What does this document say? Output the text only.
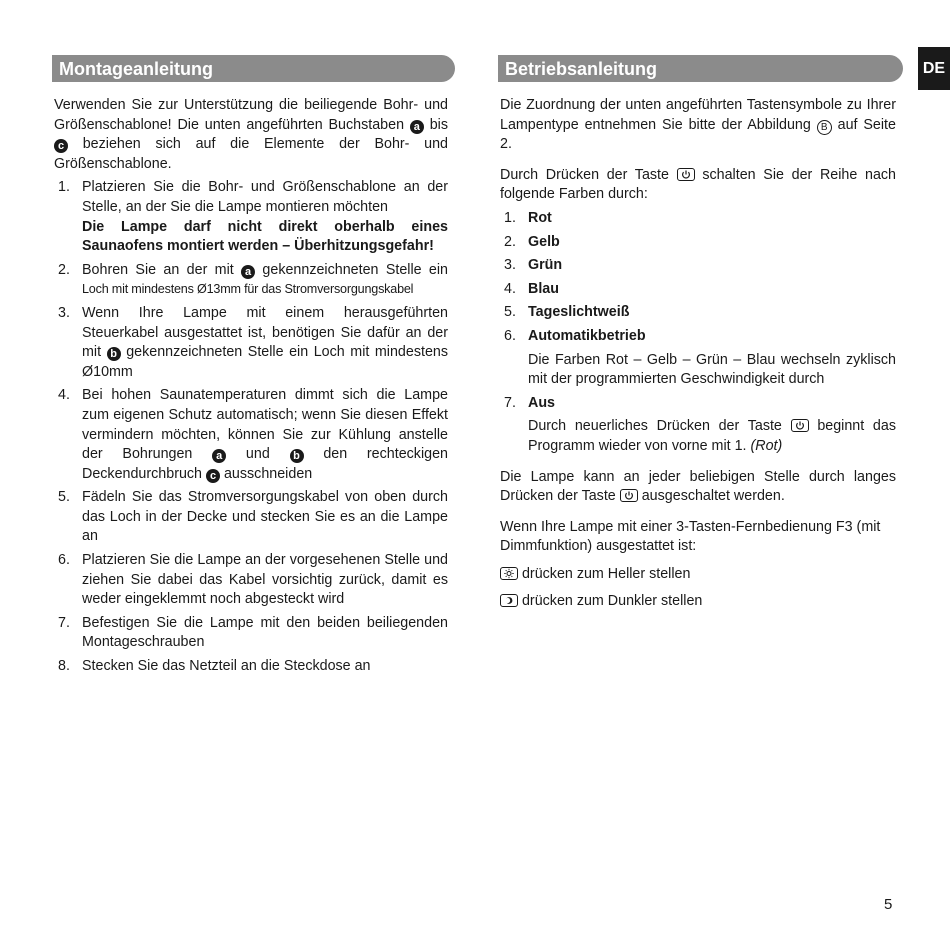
DE
Montageanleitung

Verwenden Sie zur Unterstützung die beiliegende Bohr- und Größenschablone! Die unten angeführten Buchstaben a bis c beziehen sich auf die Elemente der Bohr- und Größenschablone.

1. Platzieren Sie die Bohr- und Größenschablone an der Stelle, an der Sie die Lampe montieren möchten
Die Lampe darf nicht direkt oberhalb eines Saunaofens montiert werden – Überhitzungsgefahr!
2. Bohren Sie an der mit a gekennzeichneten Stelle ein Loch mit mindestens Ø13mm für das Stromversorgungskabel
3. Wenn Ihre Lampe mit einem herausgeführten Steuerkabel ausgestattet ist, benötigen Sie dafür an der mit b gekennzeichneten Stelle ein Loch mit mindestens Ø10mm
4. Bei hohen Saunatemperaturen dimmt sich die Lampe zum eigenen Schutz automatisch; wenn Sie diesen Effekt vermindern möchten, können Sie zur Kühlung anstelle der Bohrungen a und b den rechteckigen Deckendurchbruch c ausschneiden
5. Fädeln Sie das Stromversorgungskabel von oben durch das Loch in der Decke und stecken Sie es an die Lampe an
6. Platzieren Sie die Lampe an der vorgesehenen Stelle und ziehen Sie dabei das Kabel vorsichtig zurück, damit es weder eingeklemmt noch abgesteckt wird
7. Befestigen Sie die Lampe mit den beiden beiliegenden Montageschrauben
8. Stecken Sie das Netzteil an die Steckdose an
Betriebsanleitung

Die Zuordnung der unten angeführten Tastensymbole zu Ihrer Lampentype entnehmen Sie bitte der Abbildung B auf Seite 2.

Durch Drücken der Taste schalten Sie der Reihe nach folgende Farben durch:

1. Rot
2. Gelb
3. Grün
4. Blau
5. Tageslichtweiß
6. Automatikbetrieb
Die Farben Rot – Gelb – Grün – Blau wechseln zyklisch mit der programmierten Geschwindigkeit durch
7. Aus
Durch neuerliches Drücken der Taste beginnt das Programm wieder von vorne mit 1. (Rot)

Die Lampe kann an jeder beliebigen Stelle durch langes Drücken der Taste ausgeschaltet werden.

Wenn Ihre Lampe mit einer 3-Tasten-Fernbedienung F3 (mit Dimmfunktion) ausgestattet ist:

drücken zum Heller stellen
drücken zum Dunkler stellen
5
